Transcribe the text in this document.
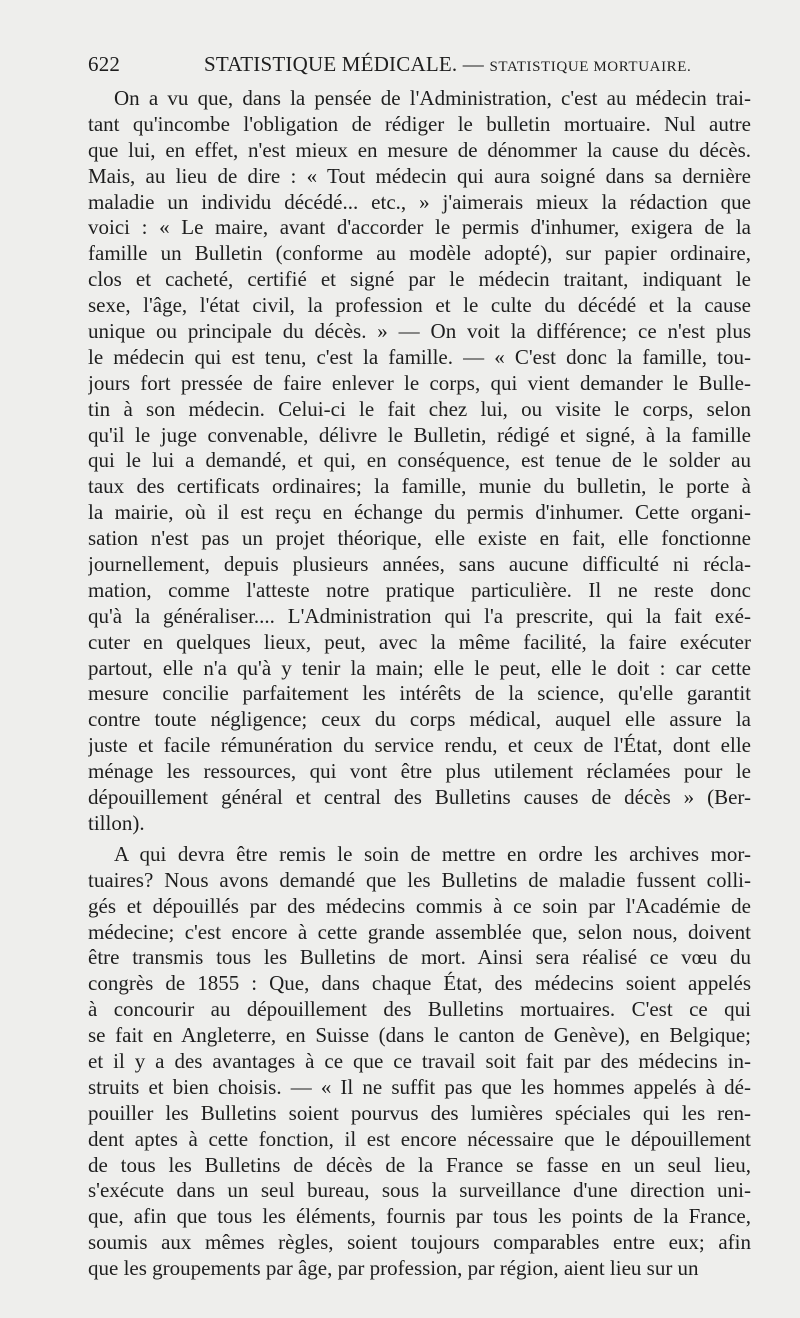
622	STATISTIQUE MÉDICALE. — STATISTIQUE MORTUAIRE.
On a vu que, dans la pensée de l'Administration, c'est au médecin trai-
tant qu'incombe l'obligation de rédiger le bulletin mortuaire. Nul autre
que lui, en effet, n'est mieux en mesure de dénommer la cause du décès.
Mais, au lieu de dire : « Tout médecin qui aura soigné dans sa dernière
maladie un individu décédé... etc., » j'aimerais mieux la rédaction que
voici : « Le maire, avant d'accorder le permis d'inhumer, exigera de la
famille un Bulletin (conforme au modèle adopté), sur papier ordinaire,
clos et cacheté, certifié et signé par le médecin traitant, indiquant le
sexe, l'âge, l'état civil, la profession et le culte du décédé et la cause
unique ou principale du décès. » — On voit la différence; ce n'est plus
le médecin qui est tenu, c'est la famille. — « C'est donc la famille, tou-
jours fort pressée de faire enlever le corps, qui vient demander le Bulle-
tin à son médecin. Celui-ci le fait chez lui, ou visite le corps, selon
qu'il le juge convenable, délivre le Bulletin, rédigé et signé, à la famille
qui le lui a demandé, et qui, en conséquence, est tenue de le solder au
taux des certificats ordinaires; la famille, munie du bulletin, le porte à
la mairie, où il est reçu en échange du permis d'inhumer. Cette organi-
sation n'est pas un projet théorique, elle existe en fait, elle fonctionne
journellement, depuis plusieurs années, sans aucune difficulté ni récla-
mation, comme l'atteste notre pratique particulière. Il ne reste donc
qu'à la généraliser.... L'Administration qui l'a prescrite, qui la fait exé-
cuter en quelques lieux, peut, avec la même facilité, la faire exécuter
partout, elle n'a qu'à y tenir la main; elle le peut, elle le doit : car cette
mesure concilie parfaitement les intérêts de la science, qu'elle garantit
contre toute négligence; ceux du corps médical, auquel elle assure la
juste et facile rémunération du service rendu, et ceux de l'État, dont elle
ménage les ressources, qui vont être plus utilement réclamées pour le
dépouillement général et central des Bulletins causes de décès » (Ber-
tillon).
A qui devra être remis le soin de mettre en ordre les archives mor-
tuaires? Nous avons demandé que les Bulletins de maladie fussent colli-
gés et dépouillés par des médecins commis à ce soin par l'Académie de
médecine; c'est encore à cette grande assemblée que, selon nous, doivent
être transmis tous les Bulletins de mort. Ainsi sera réalisé ce vœu du
congrès de 1855 : Que, dans chaque État, des médecins soient appelés
à concourir au dépouillement des Bulletins mortuaires. C'est ce qui
se fait en Angleterre, en Suisse (dans le canton de Genève), en Belgique;
et il y a des avantages à ce que ce travail soit fait par des médecins in-
struits et bien choisis. — « Il ne suffit pas que les hommes appelés à dé-
pouiller les Bulletins soient pourvus des lumières spéciales qui les ren-
dent aptes à cette fonction, il est encore nécessaire que le dépouillement
de tous les Bulletins de décès de la France se fasse en un seul lieu,
s'exécute dans un seul bureau, sous la surveillance d'une direction uni-
que, afin que tous les éléments, fournis par tous les points de la France,
soumis aux mêmes règles, soient toujours comparables entre eux; afin
que les groupements par âge, par profession, par région, aient lieu sur un
